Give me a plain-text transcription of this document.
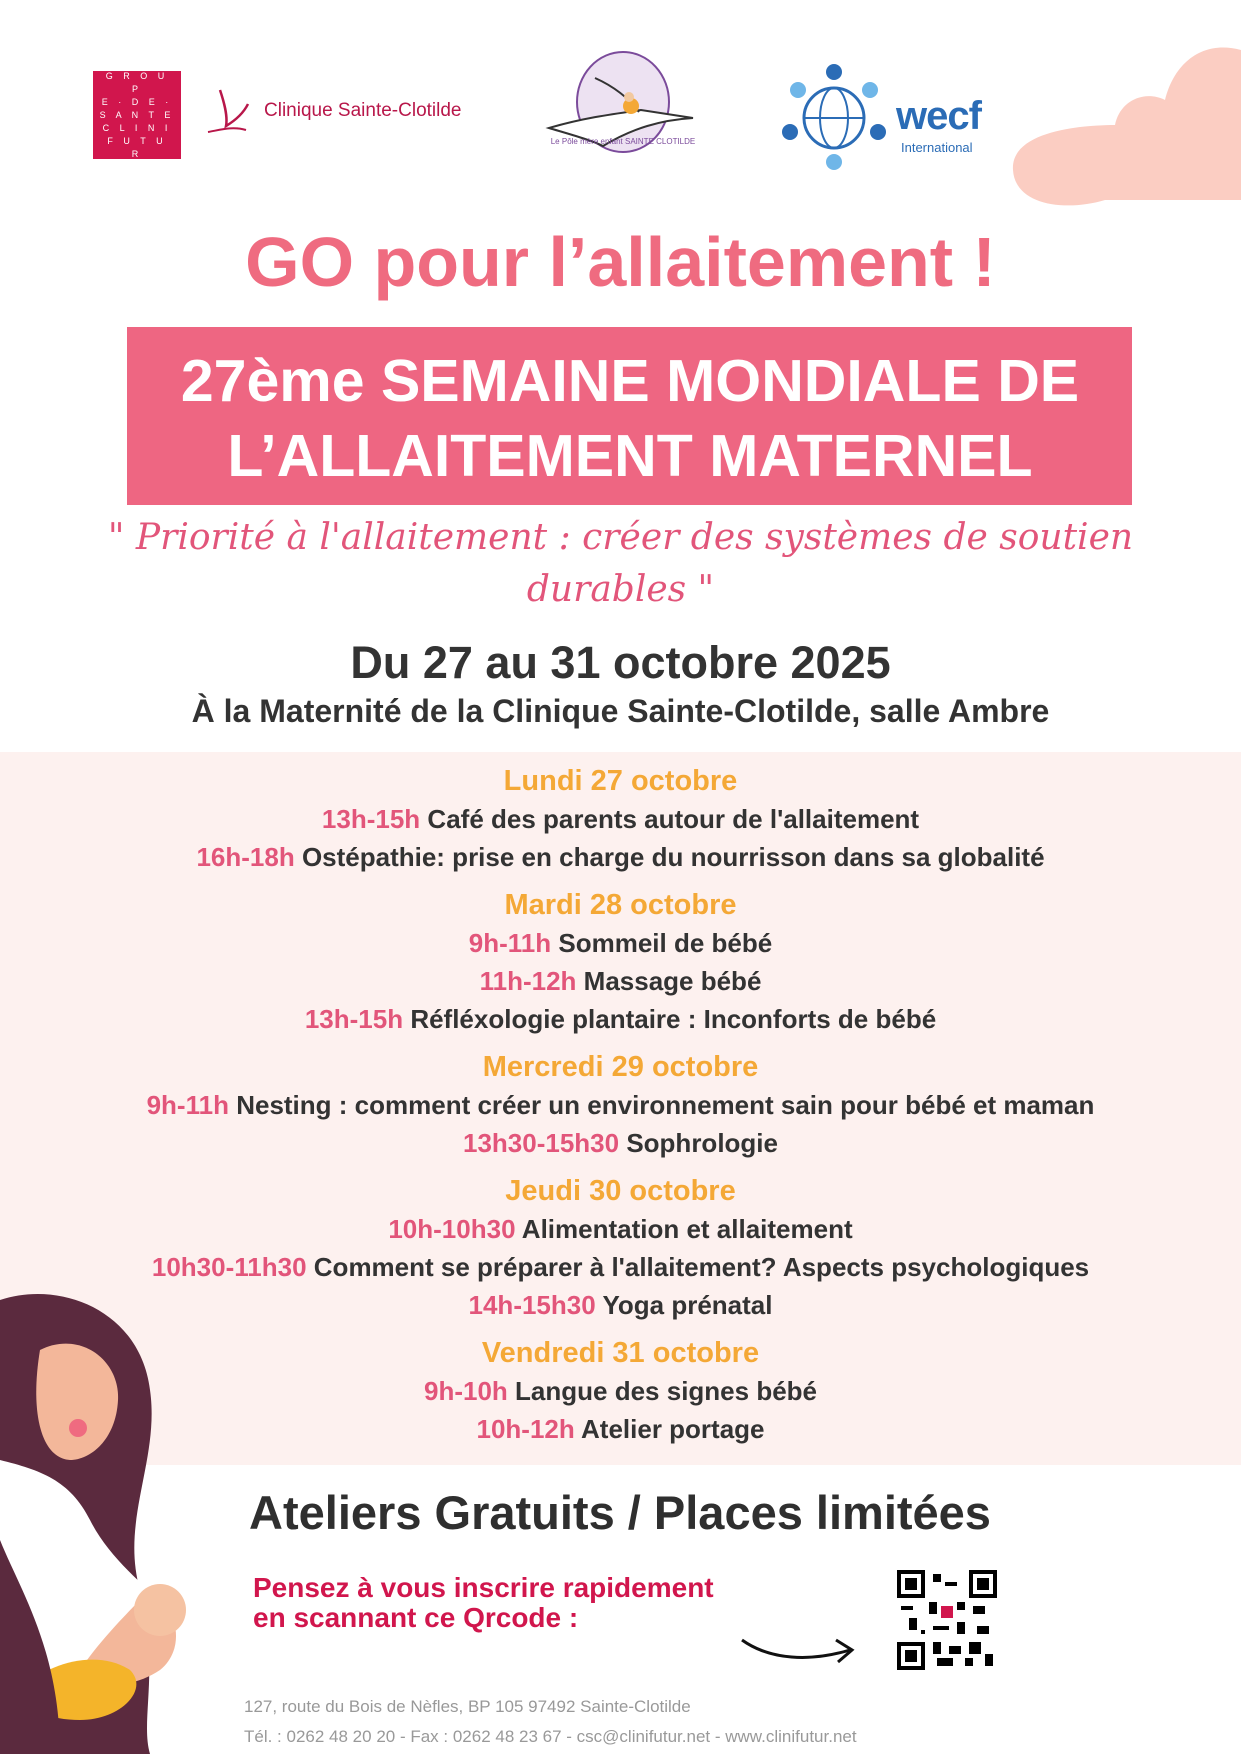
G R O U P
E · D E ·
S A N T E
C L I N I
F U T U R
Clinique Sainte-Clotilde
Le Pôle mère enfant SAINTE CLOTILDE
wecf
International
GO pour l’allaitement !
27ème SEMAINE MONDIALE DE
L’ALLAITEMENT MATERNEL
" Priorité à l'allaitement : créer des systèmes de soutien durables "
Du 27 au 31 octobre 2025
À la Maternité de la Clinique Sainte-Clotilde, salle Ambre
Lundi 27 octobre
13h-15h Café des parents autour de l'allaitement
16h-18h Ostépathie: prise en charge du nourrisson dans sa globalité
Mardi 28 octobre
9h-11h Sommeil de bébé
11h-12h Massage bébé
13h-15h Réfléxologie plantaire : Inconforts de bébé
Mercredi 29 octobre
9h-11h Nesting : comment créer un environnement sain pour bébé et maman
13h30-15h30 Sophrologie
Jeudi 30 octobre
10h-10h30 Alimentation et allaitement
10h30-11h30 Comment se préparer à l'allaitement? Aspects psychologiques
14h-15h30 Yoga prénatal
Vendredi 31 octobre
9h-10h Langue des signes bébé
10h-12h Atelier portage
Ateliers Gratuits / Places limitées
Pensez à vous inscrire rapidement
en scannant ce Qrcode :
127, route du Bois de Nèfles, BP 105 97492 Sainte-Clotilde
Tél. : 0262 48 20 20 - Fax : 0262 48 23 67 - csc@clinifutur.net - www.clinifutur.net
